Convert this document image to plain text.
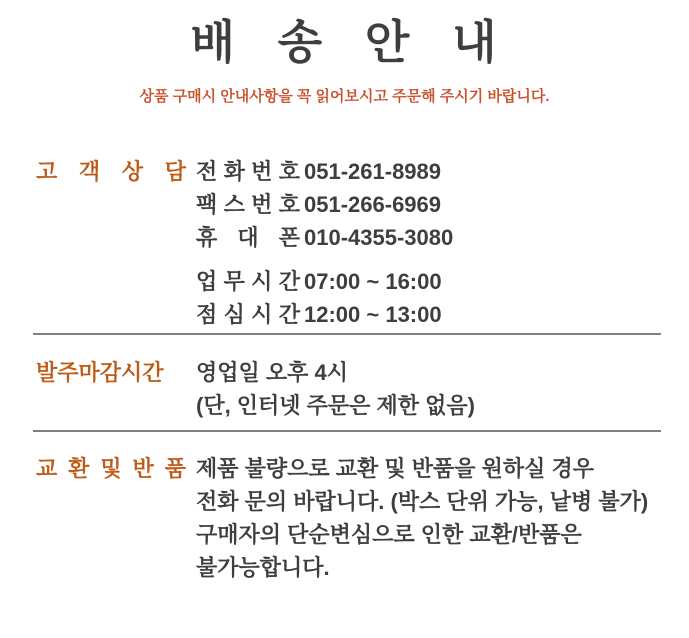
배 송 안 내

상품 구매시 안내사항을 꼭 읽어보시고 주문해 주시기 바랍니다.

고 객 상 담 전 화 번 호 051-261-8989
팩 스 번 호 051-266-6969
휴 대 폰 010-4355-3080
업 무 시 간 07:00 ~ 16:00
점 심 시 간 12:00 ~ 13:00
발주마감시간	영업일 오후 4시
(단, 인터넷 주문은 제한 없음)
교 환 및 반 품 제품 불량으로 교환 및 반품을 원하실 경우
전화 문의 바랍니다. (박스 단위 가능, 낱병 불가)
구매자의 단순변심으로 인한 교환/반품은
불가능합니다.
